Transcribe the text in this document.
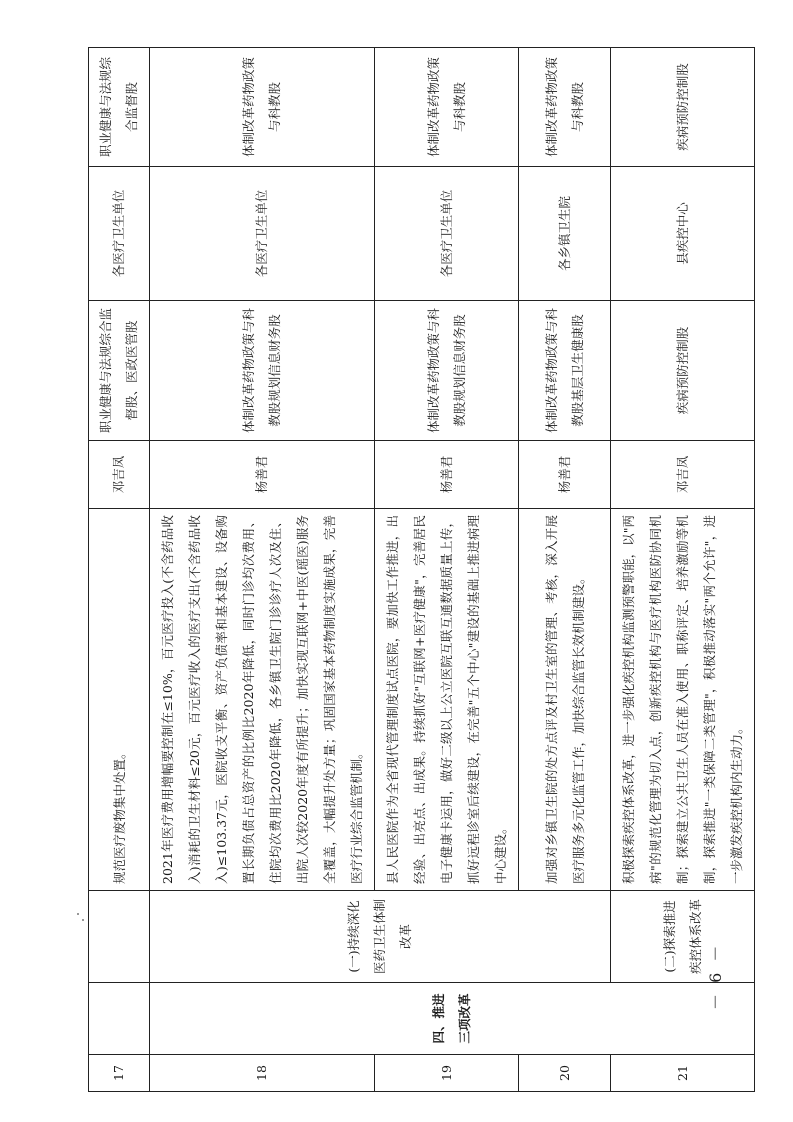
17			规范医疗废物集中处置。	邓吉凤	职业健康与法规综合监督股、医政医管股	各医疗卫生单位	职业健康与法规综合监督股
18	四、推进三项改革	(一)持续深化医药卫生体制改革	2021年医疗费用增幅要控制在≤10%，百元医疗投入(不含药品收入)消耗的卫生材料≤20元，百元医疗收入的医疗支出(不含药品收入)≤103.37元，医院收支平衡、资产负债率和基本建设、设备购置长期负债占总资产的比例比2020年降低，同时门诊均次费用、住院均次费用比2020年降低，各乡镇卫生院门诊诊疗人次及住、出院人次较2020年度有所提升；加快实现互联网+中医(瑶医)服务全覆盖，大幅提升处方量；巩固国家基本药物制度实施成果，完善医疗行业综合监管机制。	杨善君	体制改革药物政策与科教股规划信息财务股	各医疗卫生单位	体制改革药物政策与科教股
19			县人民医院作为全省现代管理制度试点医院，要加快工作推进，出经验、出亮点、出成果。持续抓好"互联网+医疗健康"，完善居民电子健康卡运用，做好二级以上公立医院互联互通数据质量上传，抓好远程诊室后续建设，在完善"五个中心"建设的基础上推进病理中心建设。	杨善君	体制改革药物政策与科教股规划信息财务股	各医疗卫生单位	体制改革药物政策与科教股
20			加强对乡镇卫生院的处方点评及村卫生室的管理、考核，深入开展医疗服务多元化监管工作，加快综合监管长效机制建设。	杨善君	体制改革药物政策与科教股基层卫生健康股	各乡镇卫生院	体制改革药物政策与科教股
21		(二)探索推进疾控体系改革	积极探索疾控体系改革，进一步强化疾控机构监测预警职能，以"两病"的规范化管理为切入点，创新疾控机构与医疗机构医防协同机制；探索建立公共卫生人员在准入使用、职称评定、培养激励等机制，探索推进"一类保障二类管理"，积极推动落实"两个允许"，进一步激发疾控机构内生动力。	邓吉凤	疾病预防控制股	县疾控中心	疾病预防控制股
－ 6 －
